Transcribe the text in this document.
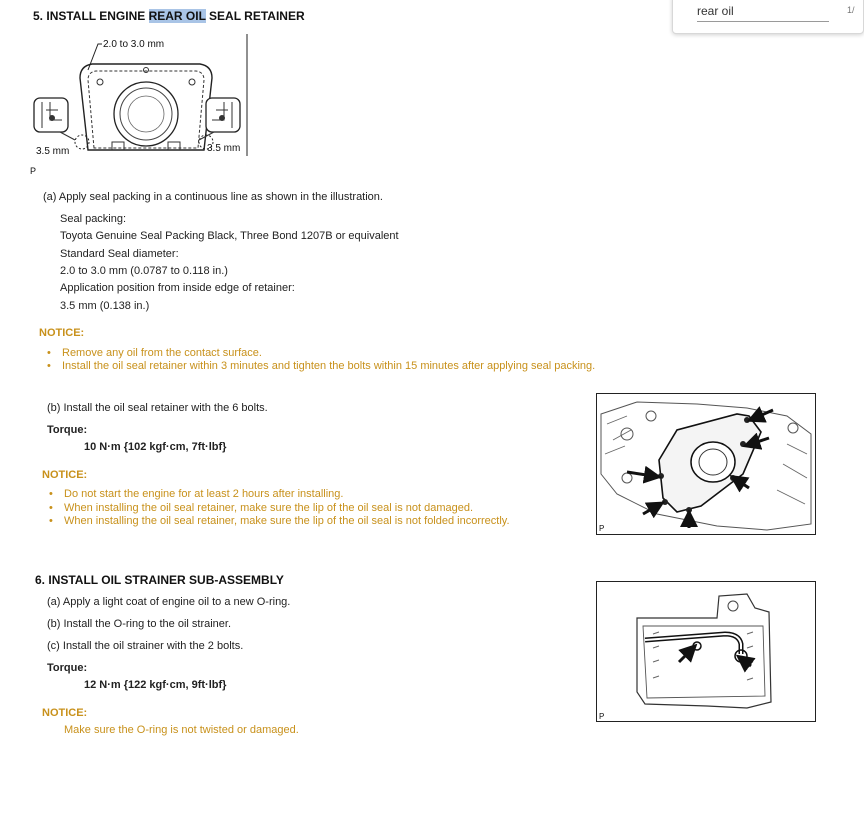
rear oil
1/
5. INSTALL ENGINE REAR OIL SEAL RETAINER
2.0 to 3.0 mm
3.5 mm	3.5 mm
P
(a) Apply seal packing in a continuous line as shown in the illustration.
Seal packing:
Toyota Genuine Seal Packing Black, Three Bond 1207B or equivalent
Standard Seal diameter:
2.0 to 3.0 mm (0.0787 to 0.118 in.)
Application position from inside edge of retainer:
3.5 mm (0.138 in.)
NOTICE:
• Remove any oil from the contact surface.
• Install the oil seal retainer within 3 minutes and tighten the bolts within 15 minutes after applying seal packing.
(b) Install the oil seal retainer with the 6 bolts.
Torque:
10 N·m {102 kgf·cm, 7ft·lbf}
P
NOTICE:
• Do not start the engine for at least 2 hours after installing.
• When installing the oil seal retainer, make sure the lip of the oil seal is not damaged.
• When installing the oil seal retainer, make sure the lip of the oil seal is not folded incorrectly.
6. INSTALL OIL STRAINER SUB-ASSEMBLY
(a) Apply a light coat of engine oil to a new O-ring.
(b) Install the O-ring to the oil strainer.
(c) Install the oil strainer with the 2 bolts.
Torque:
12 N·m {122 kgf·cm, 9ft·lbf}
P
NOTICE:
Make sure the O-ring is not twisted or damaged.
